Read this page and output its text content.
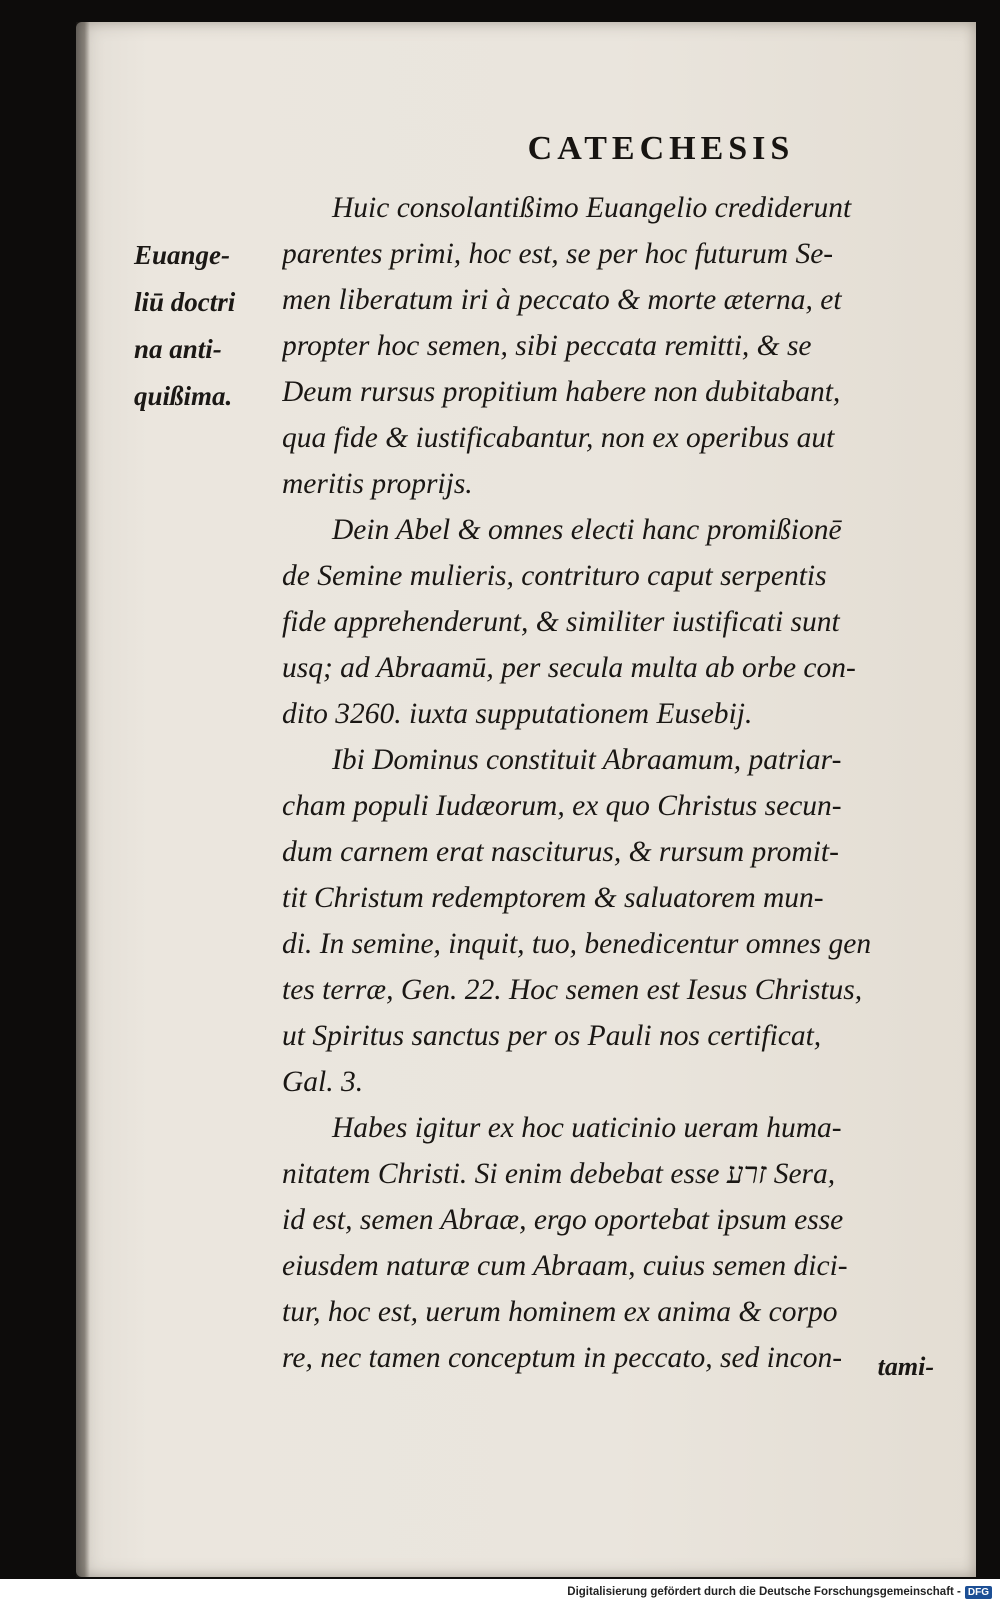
CATECHESIS
Euange-
liū doctri
na anti-
quißima.
Huic consolantißimo Euangelio crediderunt
parentes primi, hoc est, se per hoc futurum Se-
men liberatum iri à peccato & morte æterna, et
propter hoc semen, sibi peccata remitti, & se
Deum rursus propitium habere non dubitabant,
qua fide & iustificabantur, non ex operibus aut
meritis proprijs.
Dein Abel & omnes electi hanc promißionē
de Semine mulieris, contrituro caput serpentis
fide apprehenderunt, & similiter iustificati sunt
usq; ad Abraamū, per secula multa ab orbe con-
dito 3260. iuxta supputationem Eusebij.
Ibi Dominus constituit Abraamum, patriar-
cham populi Iudæorum, ex quo Christus secun-
dum carnem erat nasciturus, & rursum promit-
tit Christum redemptorem & saluatorem mun-
di. In semine, inquit, tuo, benedicentur omnes gen
tes terræ, Gen. 22. Hoc semen est Iesus Christus,
ut Spiritus sanctus per os Pauli nos certificat,
Gal. 3.
Habes igitur ex hoc uaticinio ueram huma-
nitatem Christi. Si enim debebat esse זרע Sera,
id est, semen Abraæ, ergo oportebat ipsum esse
eiusdem naturæ cum Abraam, cuius semen dici-
tur, hoc est, uerum hominem ex anima & corpo
re, nec tamen conceptum in peccato, sed incon-	tami-
Digitalisierung gefördert durch die Deutsche Forschungsgemeinschaft - DFG
